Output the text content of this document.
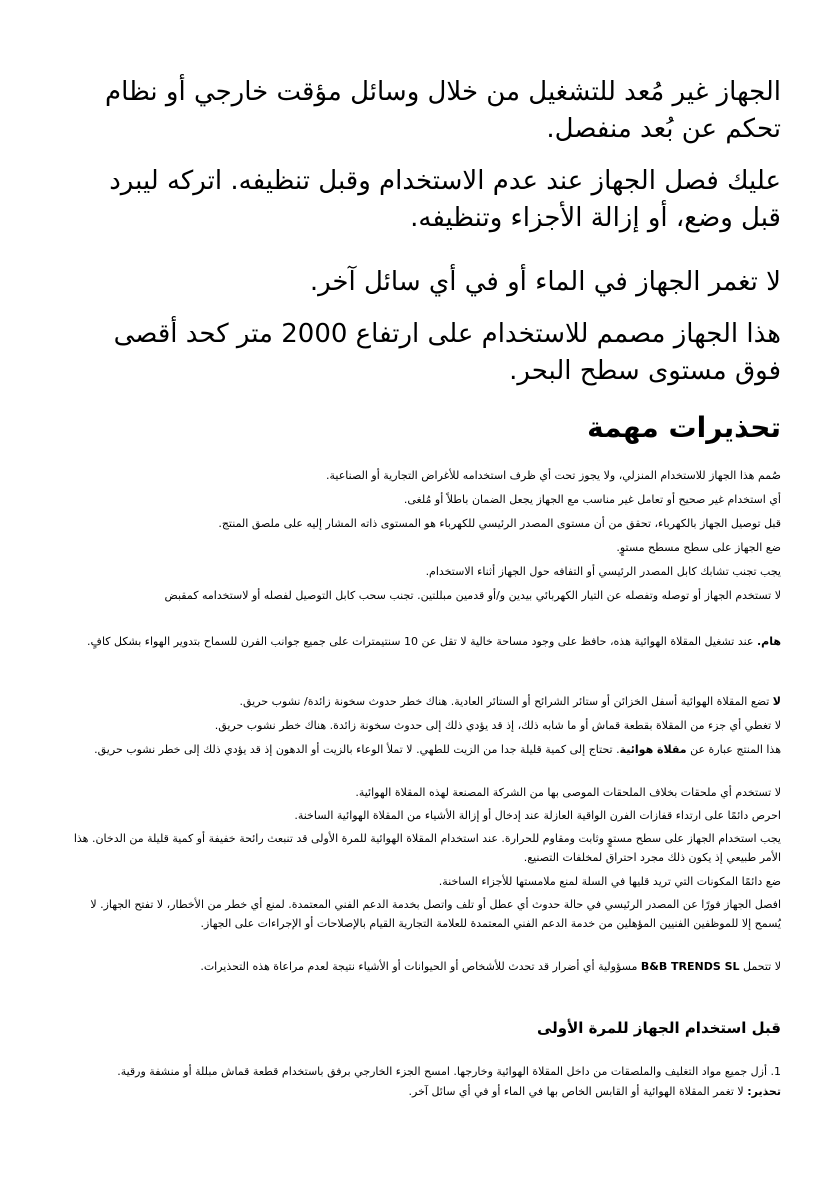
الجهاز غير مُعد للتشغيل من خلال وسائل مؤقت خارجي أو نظام تحكم عن بُعد منفصل.

عليك فصل الجهاز عند عدم الاستخدام وقبل تنظيفه. اتركه ليبرد قبل وضع، أو إزالة الأجزاء وتنظيفه.

لا تغمر الجهاز في الماء أو في أي سائل آخر.

هذا الجهاز مصمم للاستخدام على ارتفاع 2000 متر كحد أقصى فوق مستوى سطح البحر.

تحذيرات مهمة

صُمم هذا الجهاز للاستخدام المنزلي، ولا يجوز تحت أي ظرف استخدامه للأغراض التجارية أو الصناعية.

أي استخدام غير صحيح أو تعامل غير مناسب مع الجهاز يجعل الضمان باطلاً أو مُلغى.

قبل توصيل الجهاز بالكهرباء، تحقق من أن مستوى المصدر الرئيسي للكهرباء هو المستوى ذاته المشار إليه على ملصق المنتج.

ضع الجهاز على سطح مسطح مستوٍ.

يجب تجنب تشابك كابل المصدر الرئيسي أو التفافه حول الجهاز أثناء الاستخدام.

لا تستخدم الجهاز أو توصله وتفصله عن التيار الكهربائي بيدين و/أو قدمين مبللتين. تجنب سحب كابل التوصيل لفصله أو لاستخدامه كمقبض

هام. عند تشغيل المقلاة الهوائية هذه، حافظ على وجود مساحة خالية لا تقل عن 10 سنتيمترات على جميع جوانب الفرن للسماح بتدوير الهواء بشكل كافٍ.

لا تضع المقلاة الهوائية أسفل الخزائن أو ستائر الشرائح أو الستائر العادية. هناك خطر حدوث سخونة زائدة/ نشوب حريق.

لا تغطي أي جزء من المقلاة بقطعة قماش أو ما شابه ذلك، إذ قد يؤدي ذلك إلى حدوث سخونة زائدة. هناك خطر نشوب حريق.

هذا المنتج عبارة عن مقلاة هوائية. تحتاج إلى كمية قليلة جدا من الزيت للطهي. لا تملأ الوعاء بالزيت أو الدهون إذ قد يؤدي ذلك إلى خطر نشوب حريق.

لا تستخدم أي ملحقات بخلاف الملحقات الموصى بها من الشركة المصنعة لهذه المقلاة الهوائية.

احرص دائمًا على ارتداء قفازات الفرن الواقية العازلة عند إدخال أو إزالة الأشياء من المقلاة الهوائية الساخنة.

يجب استخدام الجهاز على سطح مستوٍ وثابت ومقاوم للحرارة. عند استخدام المقلاة الهوائية للمرة الأولى قد تنبعث رائحة خفيفة أو كمية قليلة من الدخان. هذا الأمر طبيعي إذ يكون ذلك مجرد احتراق لمخلفات التصنيع.

ضع دائمًا المكونات التي تريد قليها في السلة لمنع ملامستها للأجزاء الساخنة.

افصل الجهاز فورًا عن المصدر الرئيسي في حالة حدوث أي عطل أو تلف واتصل بخدمة الدعم الفني المعتمدة. لمنع أي خطر من الأخطار، لا تفتح الجهاز. لا يُسمح إلا للموظفين الفنيين المؤهلين من خدمة الدعم الفني المعتمدة للعلامة التجارية القيام بالإصلاحات أو الإجراءات على الجهاز.

لا تتحمل B&B TRENDS SL مسؤولية أي أضرار قد تحدث للأشخاص أو الحيوانات أو الأشياء نتيجة لعدم مراعاة هذه التحذيرات.

قبل استخدام الجهاز للمرة الأولى

1. أزل جميع مواد التغليف والملصقات من داخل المقلاة الهوائية وخارجها. امسح الجزء الخارجي برفق باستخدام قطعة قماش مبللة أو منشفة ورقية.

تحذير: لا تغمر المقلاة الهوائية أو القابس الخاص بها في الماء أو في أي سائل آخر.
